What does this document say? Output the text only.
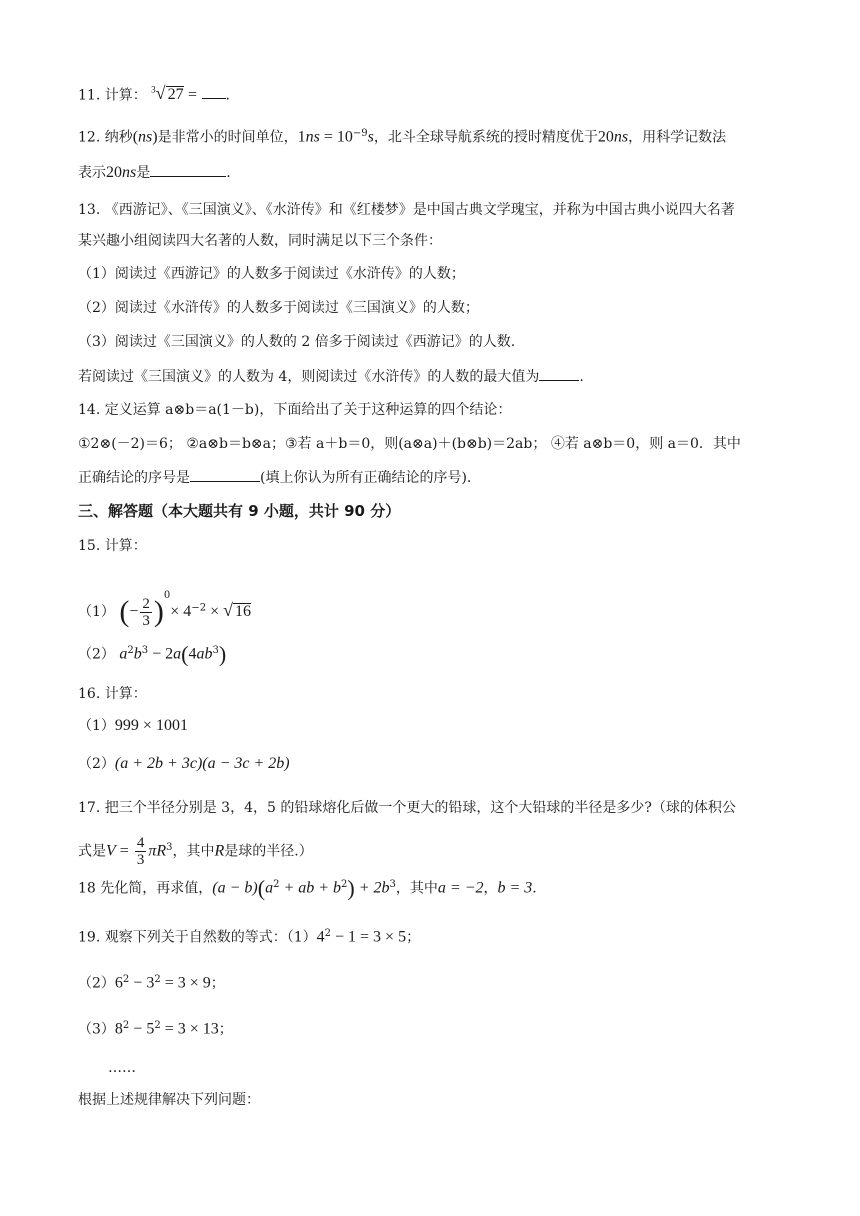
11. 计算： $^3$√ 27 = .
12. 纳秒(ns)是非常小的时间单位，$1ns = 10^{-9}s$，北斗全球导航系统的授时精度优于20ns，用科学记数法
表示20ns是	.
13. 《西游记》、《三国演义》、《水浒传》和《红楼梦》是中国古典文学瑰宝，并称为中国古典小说四大名著
某兴趣小组阅读四大名著的人数，同时满足以下三个条件：
（1）阅读过《西游记》的人数多于阅读过《水浒传》的人数；
（2）阅读过《水浒传》的人数多于阅读过《三国演义》的人数；
（3）阅读过《三国演义》的人数的 2 倍多于阅读过《西游记》的人数.
若阅读过《三国演义》的人数为 4，则阅读过《水浒传》的人数的最大值为	.
14. 定义运算 a⊗b＝a(1－b)，下面给出了关于这种运算的四个结论：
①2⊗(－2)＝6； ②a⊗b＝b⊗a；③若 a＋b＝0，则(a⊗a)＋(b⊗b)＝2ab； ④若 a⊗b＝0，则 a＝0．其中
正确结论的序号是	(填上你认为所有正确结论的序号).
三、解答题（本大题共有 9 小题，共计 90 分）
15. 计算：
（1） (− $\frac{2}{3} )^0\times 4^{-2}$ × √ 16
（2） $a^2b^3 - 2a(4ab^3)$
16. 计算：
（1）999 × 1001
（2）(a + 2b + 3c)(a − 3c + 2b)
17. 把三个半径分别是 3，4，5 的铅球熔化后做一个更大的铅球，这个大铅球的半径是多少?（球的体积公
式是$V = \frac{4}{3} \pi R^3$，其中R是球的半径.）
18 先化简，再求值，$(a - b)(a^2$ + ab + $b^2) + 2b^3$，其中a = −2，b = 3.
19. 观察下列关于自然数的等式：$(1)4^2 - 1 = 3 \times 5$；
$(2)6^2 - 3^2 = 3 \times 9$；
$(3)8^2 - 5^2 = 3 \times 13$；
……
根据上述规律解决下列问题：
